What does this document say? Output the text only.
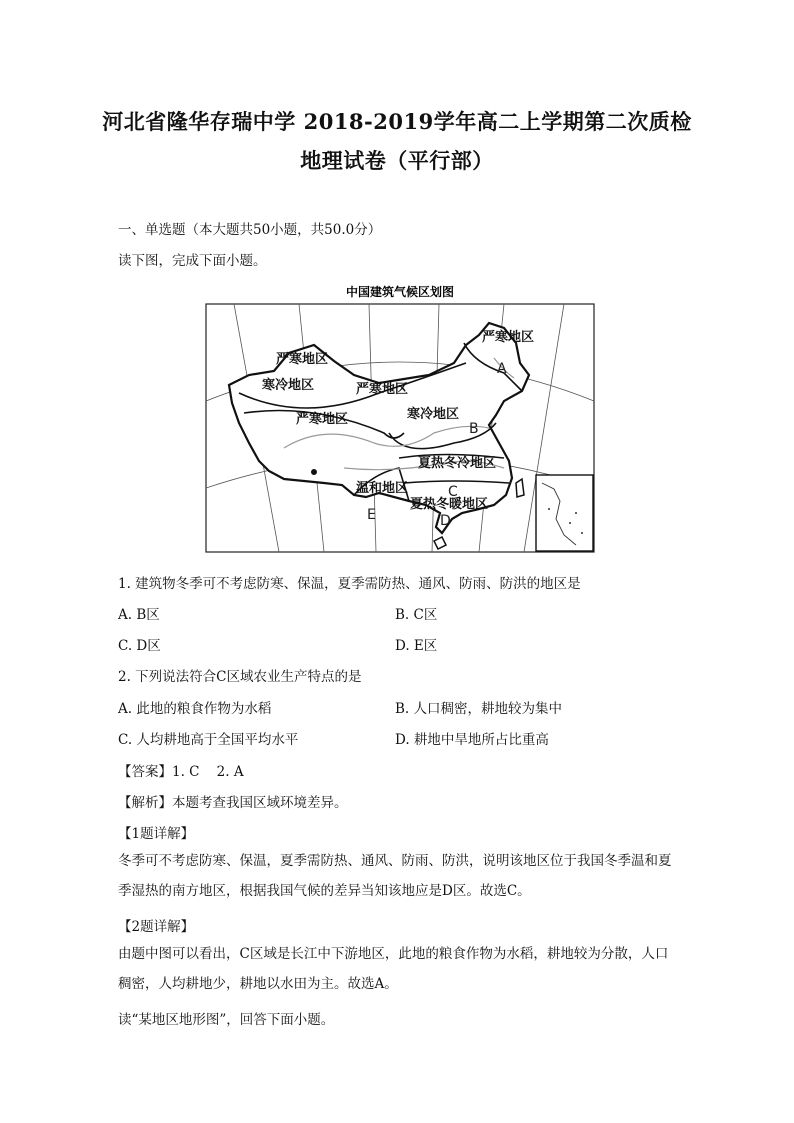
河北省隆华存瑞中学 2018-2019学年高二上学期第二次质检
地理试卷（平行部）
一、单选题（本大题共50小题，共50.0分）
读下图，完成下面小题。
中国建筑气候区划图
严寒地区
严寒地区
寒冷地区	严寒地区
严寒地区	寒冷地区
夏热冬冷地区
温和地区
夏热冬暖地区
A
B
C
D
E
1. 建筑物冬季可不考虑防寒、保温，夏季需防热、通风、防雨、防洪的地区是
A. B区	B. C区
C. D区	D. E区
2. 下列说法符合C区域农业生产特点的是
A. 此地的粮食作物为水稻	B. 人口稠密，耕地较为集中
C. 人均耕地高于全国平均水平	D. 耕地中旱地所占比重高
【答案】1. C    2. A
【解析】本题考查我国区域环境差异。
【1题详解】
冬季可不考虑防寒、保温，夏季需防热、通风、防雨、防洪，说明该地区位于我国冬季温和夏季湿热的南方地区，根据我国气候的差异当知该地应是D区。故选C。
【2题详解】
由题中图可以看出，C区域是长江中下游地区，此地的粮食作物为水稻，耕地较为分散，人口稠密，人均耕地少，耕地以水田为主。故选A。
读“某地区地形图”，回答下面小题。
